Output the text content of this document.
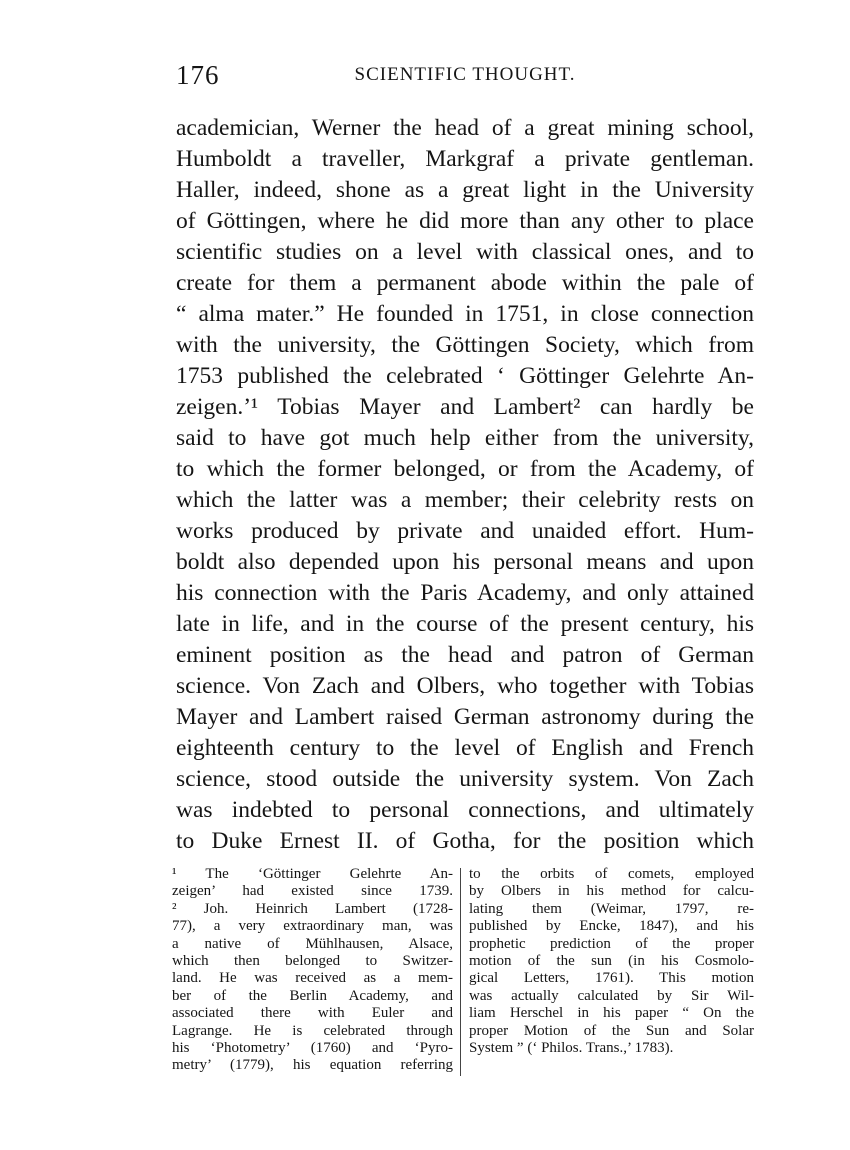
176	SCIENTIFIC THOUGHT.
academician, Werner the head of a great mining school,
Humboldt a traveller, Markgraf a private gentleman.
Haller, indeed, shone as a great light in the University
of Göttingen, where he did more than any other to place
scientific studies on a level with classical ones, and to
create for them a permanent abode within the pale of
“ alma mater.” He founded in 1751, in close connection
with the university, the Göttingen Society, which from
1753 published the celebrated ‘ Göttinger Gelehrte An-
zeigen.’¹ Tobias Mayer and Lambert² can hardly be
said to have got much help either from the university,
to which the former belonged, or from the Academy, of
which the latter was a member; their celebrity rests on
works produced by private and unaided effort. Hum-
boldt also depended upon his personal means and upon
his connection with the Paris Academy, and only attained
late in life, and in the course of the present century, his
eminent position as the head and patron of German
science. Von Zach and Olbers, who together with Tobias
Mayer and Lambert raised German astronomy during the
eighteenth century to the level of English and French
science, stood outside the university system. Von Zach
was indebted to personal connections, and ultimately
to Duke Ernest II. of Gotha, for the position which
¹ The ‘Göttinger Gelehrte An-
zeigen’ had existed since 1739.
² Joh. Heinrich Lambert (1728-
77), a very extraordinary man, was
a native of Mühlhausen, Alsace,
which then belonged to Switzer-
land. He was received as a mem-
ber of the Berlin Academy, and
associated there with Euler and
Lagrange. He is celebrated through
his ‘Photometry’ (1760) and ‘Pyro-
metry’ (1779), his equation referring
to the orbits of comets, employed
by Olbers in his method for calcu-
lating them (Weimar, 1797, re-
published by Encke, 1847), and his
prophetic prediction of the proper
motion of the sun (in his Cosmolo-
gical Letters, 1761). This motion
was actually calculated by Sir Wil-
liam Herschel in his paper “ On the
proper Motion of the Sun and Solar
System ” (‘ Philos. Trans.,’ 1783).
